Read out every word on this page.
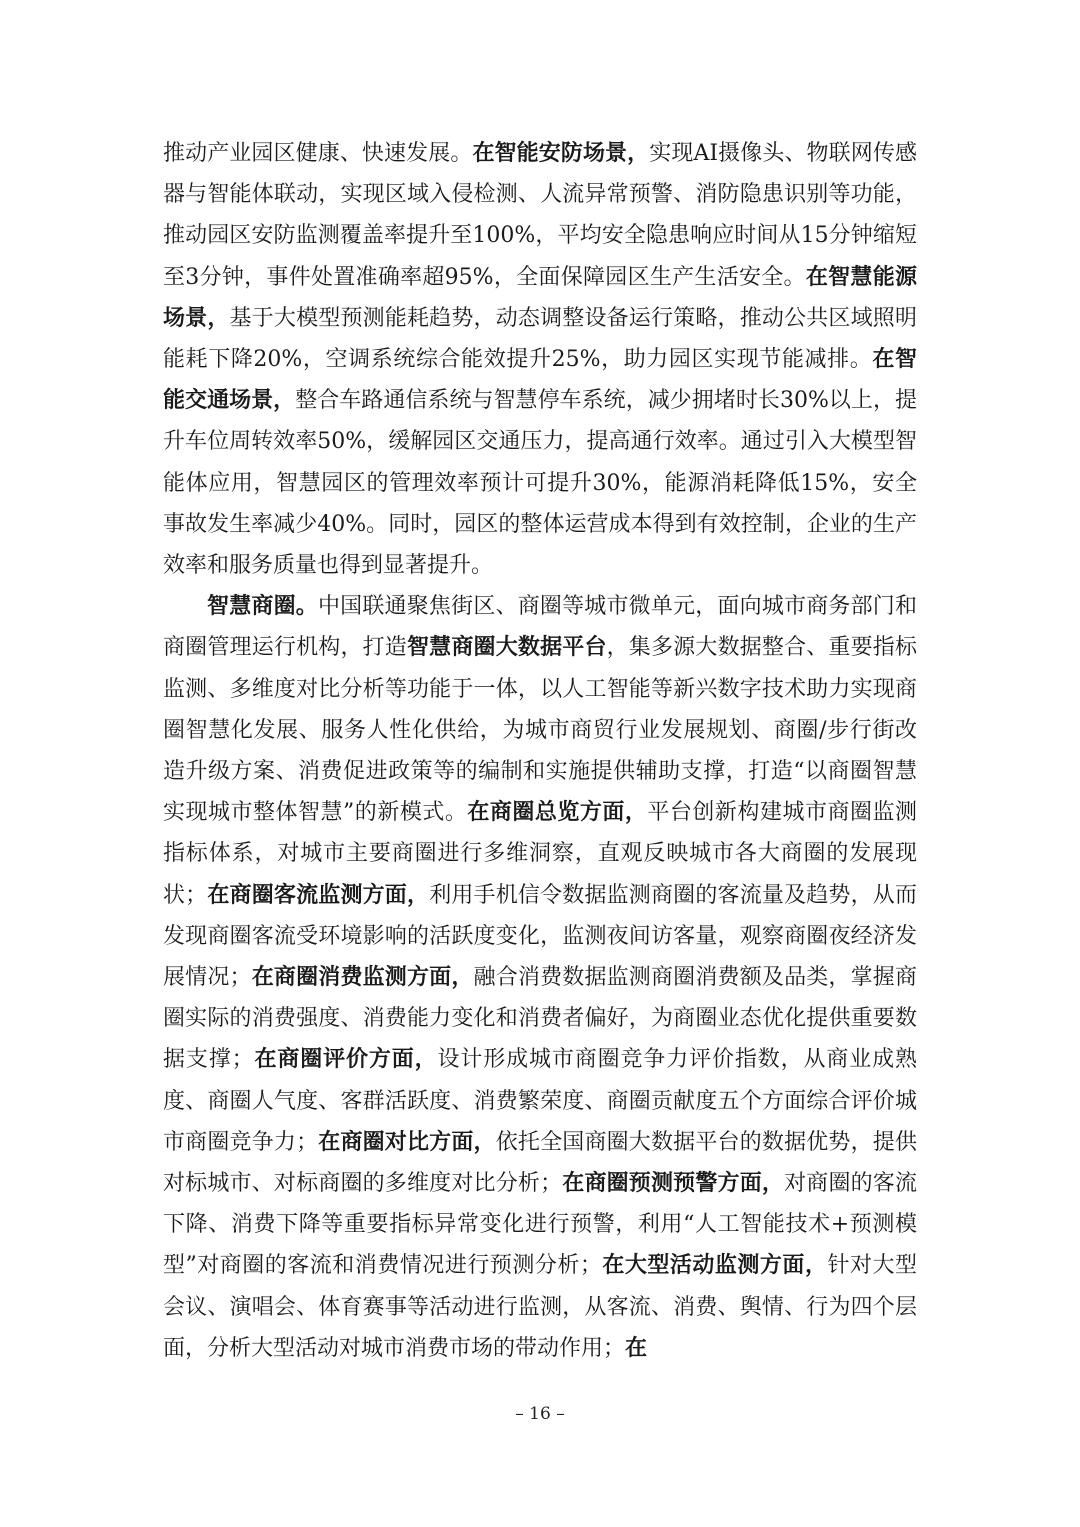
推动产业园区健康、快速发展。在智能安防场景，实现AI摄像头、物联网传感器与智能体联动，实现区域入侵检测、人流异常预警、消防隐患识别等功能，推动园区安防监测覆盖率提升至100%，平均安全隐患响应时间从15分钟缩短至3分钟，事件处置准确率超95%，全面保障园区生产生活安全。在智慧能源场景，基于大模型预测能耗趋势，动态调整设备运行策略，推动公共区域照明能耗下降20%，空调系统综合能效提升25%，助力园区实现节能减排。在智能交通场景，整合车路通信系统与智慧停车系统，减少拥堵时长30%以上，提升车位周转效率50%，缓解园区交通压力，提高通行效率。通过引入大模型智能体应用，智慧园区的管理效率预计可提升30%，能源消耗降低15%，安全事故发生率减少40%。同时，园区的整体运营成本得到有效控制，企业的生产效率和服务质量也得到显著提升。

智慧商圈。中国联通聚焦街区、商圈等城市微单元，面向城市商务部门和商圈管理运行机构，打造智慧商圈大数据平台，集多源大数据整合、重要指标监测、多维度对比分析等功能于一体，以人工智能等新兴数字技术助力实现商圈智慧化发展、服务人性化供给，为城市商贸行业发展规划、商圈/步行街改造升级方案、消费促进政策等的编制和实施提供辅助支撑，打造“以商圈智慧实现城市整体智慧”的新模式。在商圈总览方面，平台创新构建城市商圈监测指标体系，对城市主要商圈进行多维洞察，直观反映城市各大商圈的发展现状；在商圈客流监测方面，利用手机信令数据监测商圈的客流量及趋势，从而发现商圈客流受环境影响的活跃度变化，监测夜间访客量，观察商圈夜经济发展情况；在商圈消费监测方面，融合消费数据监测商圈消费额及品类，掌握商圈实际的消费强度、消费能力变化和消费者偏好，为商圈业态优化提供重要数据支撑；在商圈评价方面，设计形成城市商圈竞争力评价指数，从商业成熟度、商圈人气度、客群活跃度、消费繁荣度、商圈贡献度五个方面综合评价城市商圈竞争力；在商圈对比方面，依托全国商圈大数据平台的数据优势，提供对标城市、对标商圈的多维度对比分析；在商圈预测预警方面，对商圈的客流下降、消费下降等重要指标异常变化进行预警，利用“人工智能技术+预测模型”对商圈的客流和消费情况进行预测分析；在大型活动监测方面，针对大型会议、演唱会、体育赛事等活动进行监测，从客流、消费、舆情、行为四个层面，分析大型活动对城市消费市场的带动作用；在

– 16 –
